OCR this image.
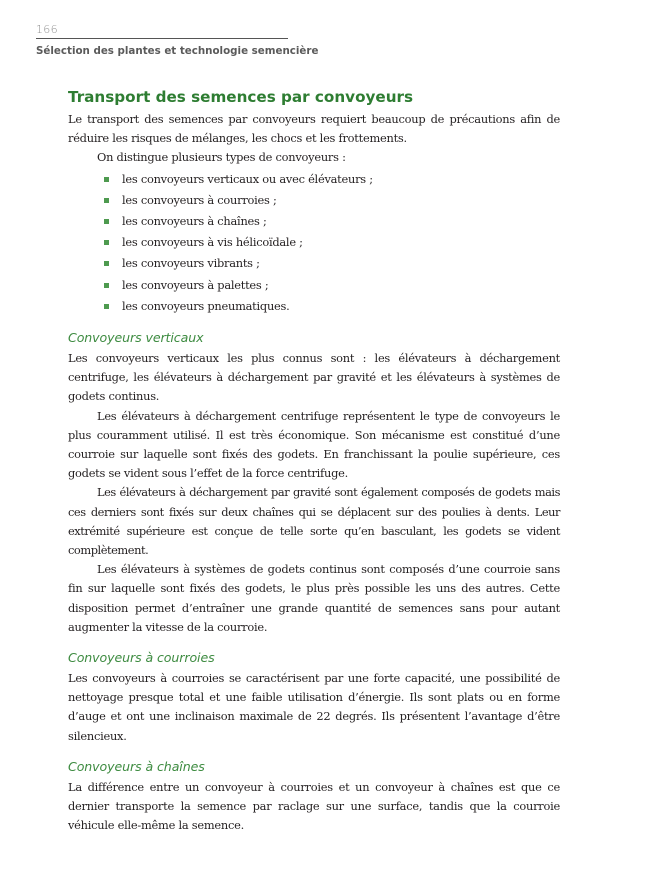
166
Sélection des plantes et technologie semencière
Transport des semences par convoyeurs

Le transport des semences par convoyeurs requiert beaucoup de précautions afin de réduire les risques de mélanges, les chocs et les frottements.

On distingue plusieurs types de convoyeurs :

les convoyeurs verticaux ou avec élévateurs ;
les convoyeurs à courroies ;
les convoyeurs à chaînes ;
les convoyeurs à vis hélicoïdale ;
les convoyeurs vibrants ;
les convoyeurs à palettes ;
les convoyeurs pneumatiques.
Convoyeurs verticaux

Les convoyeurs verticaux les plus connus sont : les élévateurs à déchargement centrifuge, les élévateurs à déchargement par gravité et les élévateurs à systèmes de godets continus.

Les élévateurs à déchargement centrifuge représentent le type de convoyeurs le plus couramment utilisé. Il est très économique. Son mécanisme est constitué d’une courroie sur laquelle sont fixés des godets. En franchissant la poulie supérieure, ces godets se vident sous l’effet de la force centrifuge.

Les élévateurs à déchargement par gravité sont également composés de godets mais ces derniers sont fixés sur deux chaînes qui se déplacent sur des poulies à dents. Leur extrémité supérieure est conçue de telle sorte qu’en basculant, les godets se vident complètement.

Les élévateurs à systèmes de godets continus sont composés d’une courroie sans fin sur laquelle sont fixés des godets, le plus près possible les uns des autres. Cette disposition permet d’entraîner une grande quantité de semences sans pour autant augmenter la vitesse de la courroie.

Convoyeurs à courroies

Les convoyeurs à courroies se caractérisent par une forte capacité, une possibilité de nettoyage presque total et une faible utilisation d’énergie. Ils sont plats ou en forme d’auge et ont une inclinaison maximale de 22 degrés. Ils présentent l’avantage d’être silencieux.

Convoyeurs à chaînes

La différence entre un convoyeur à courroies et un convoyeur à chaînes est que ce dernier transporte la semence par raclage sur une surface, tandis que la courroie véhicule elle-même la semence.
